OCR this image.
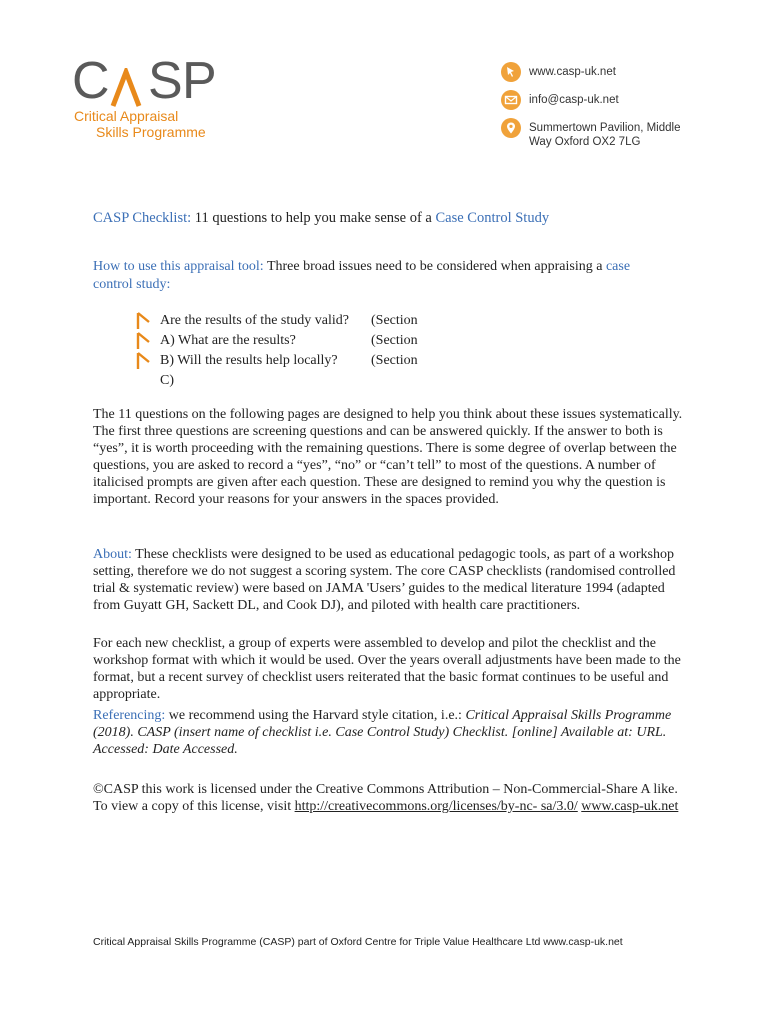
C S P
Critical Appraisal
Skills Programme
www.casp-uk.net
info@casp-uk.net
Summertown Pavilion, Middle
Way Oxford OX2 7LG
CASP Checklist: 11 questions to help you make sense of a Case Control Study
How to use this appraisal tool: Three broad issues need to be considered when appraising a case control study:
Are the results of the study valid? (Section
A) What are the results?	(Section
B) Will the results help locally? (Section
C)
The 11 questions on the following pages are designed to help you think about these issues systematically. The first three questions are screening questions and can be answered quickly. If the answer to both is “yes”, it is worth proceeding with the remaining questions. There is some degree of overlap between the questions, you are asked to record a “yes”, “no” or “can’t tell” to most of the questions. A number of italicised prompts are given after each question. These are designed to remind you why the question is important. Record your reasons for your answers in the spaces provided.
About: These checklists were designed to be used as educational pedagogic tools, as part of a workshop setting, therefore we do not suggest a scoring system. The core CASP checklists (randomised controlled trial & systematic review) were based on JAMA 'Users’ guides to the medical literature 1994 (adapted from Guyatt GH, Sackett DL, and Cook DJ), and piloted with health care practitioners.
For each new checklist, a group of experts were assembled to develop and pilot the checklist and the workshop format with which it would be used. Over the years overall adjustments have been made to the format, but a recent survey of checklist users reiterated that the basic format continues to be useful and appropriate.
Referencing: we recommend using the Harvard style citation, i.e.: Critical Appraisal Skills Programme (2018). CASP (insert name of checklist i.e. Case Control Study) Checklist. [online] Available at: URL. Accessed: Date Accessed.
©CASP this work is licensed under the Creative Commons Attribution – Non-Commercial-Share A like. To view a copy of this license, visit http://creativecommons.org/licenses/by-nc- sa/3.0/ www.casp-uk.net
Critical Appraisal Skills Programme (CASP) part of Oxford Centre for Triple Value Healthcare Ltd www.casp-uk.net
